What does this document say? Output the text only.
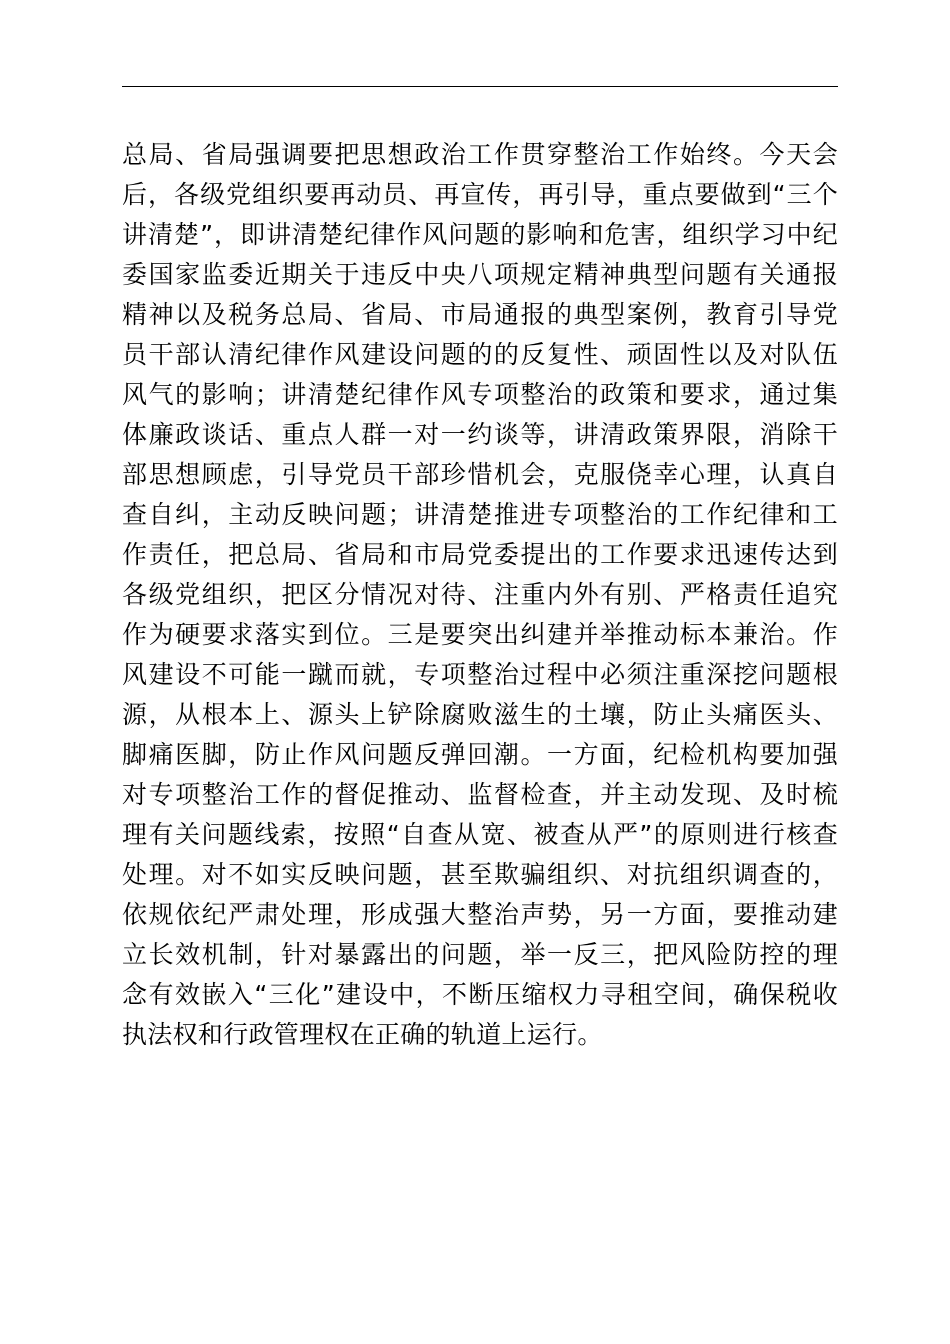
总局、省局强调要把思想政治工作贯穿整治工作始终。今天会
后，各级党组织要再动员、再宣传，再引导，重点要做到“三个
讲清楚”，即讲清楚纪律作风问题的影响和危害，组织学习中纪
委国家监委近期关于违反中央八项规定精神典型问题有关通报
精神以及税务总局、省局、市局通报的典型案例，教育引导党
员干部认清纪律作风建设问题的的反复性、顽固性以及对队伍
风气的影响；讲清楚纪律作风专项整治的政策和要求，通过集
体廉政谈话、重点人群一对一约谈等，讲清政策界限，消除干
部思想顾虑，引导党员干部珍惜机会，克服侥幸心理，认真自
查自纠，主动反映问题；讲清楚推进专项整治的工作纪律和工
作责任，把总局、省局和市局党委提出的工作要求迅速传达到
各级党组织，把区分情况对待、注重内外有别、严格责任追究
作为硬要求落实到位。三是要突出纠建并举推动标本兼治。作
风建设不可能一蹴而就，专项整治过程中必须注重深挖问题根
源，从根本上、源头上铲除腐败滋生的土壤，防止头痛医头、
脚痛医脚，防止作风问题反弹回潮。一方面，纪检机构要加强
对专项整治工作的督促推动、监督检查，并主动发现、及时梳
理有关问题线索，按照“自查从宽、被查从严”的原则进行核查
处理。对不如实反映问题，甚至欺骗组织、对抗组织调查的，
依规依纪严肃处理，形成强大整治声势，另一方面，要推动建
立长效机制，针对暴露出的问题，举一反三，把风险防控的理
念有效嵌入“三化”建设中，不断压缩权力寻租空间，确保税收
执法权和行政管理权在正确的轨道上运行。
